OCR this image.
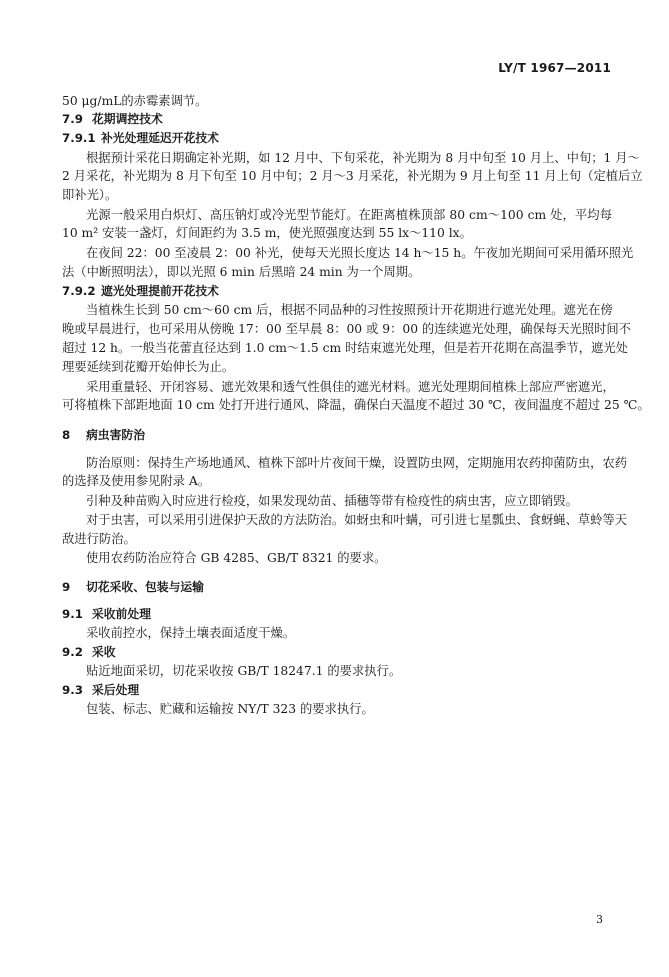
LY/T 1967—2011
50 μg/mL的赤霉素调节。
7.9 花期调控技术
7.9.1 补光处理延迟开花技术
根据预计采花日期确定补光期，如 12 月中、下旬采花，补光期为 8 月中旬至 10 月上、中旬；1 月～
2 月采花，补光期为 8 月下旬至 10 月中旬；2 月～3 月采花，补光期为 9 月上旬至 11 月上旬（定植后立
即补光）。
光源一般采用白炽灯、高压钠灯或冷光型节能灯。在距离植株顶部 80 cm～100 cm 处，平均每
10 m² 安装一盏灯，灯间距约为 3.5 m，使光照强度达到 55 lx～110 lx。
在夜间 22：00 至凌晨 2：00 补光，使每天光照长度达 14 h～15 h。午夜加光期间可采用循环照光
法（中断照明法），即以光照 6 min 后黑暗 24 min 为一个周期。
7.9.2 遮光处理提前开花技术
当植株生长到 50 cm～60 cm 后，根据不同品种的习性按照预计开花期进行遮光处理。遮光在傍
晚或早晨进行，也可采用从傍晚 17：00 至早晨 8：00 或 9：00 的连续遮光处理，确保每天光照时间不
超过 12 h。一般当花蕾直径达到 1.0 cm～1.5 cm 时结束遮光处理，但是若开花期在高温季节，遮光处
理要延续到花瓣开始伸长为止。
采用重量轻、开闭容易、遮光效果和透气性俱佳的遮光材料。遮光处理期间植株上部应严密遮光，
可将植株下部距地面 10 cm 处打开进行通风、降温，确保白天温度不超过 30 ℃，夜间温度不超过 25 ℃。
8 病虫害防治
防治原则：保持生产场地通风、植株下部叶片夜间干燥，设置防虫网，定期施用农药抑菌防虫，农药
的选择及使用参见附录 A。
引种及种苗购入时应进行检疫，如果发现幼苗、插穗等带有检疫性的病虫害，应立即销毁。
对于虫害，可以采用引进保护天敌的方法防治。如蚜虫和叶螨，可引进七星瓢虫、食蚜蝇、草蛉等天
敌进行防治。
使用农药防治应符合 GB 4285、GB/T 8321 的要求。
9 切花采收、包装与运输
9.1 采收前处理
采收前控水，保持土壤表面适度干燥。
9.2 采收
贴近地面采切，切花采收按 GB/T 18247.1 的要求执行。
9.3 采后处理
包装、标志、贮藏和运输按 NY/T 323 的要求执行。
3
